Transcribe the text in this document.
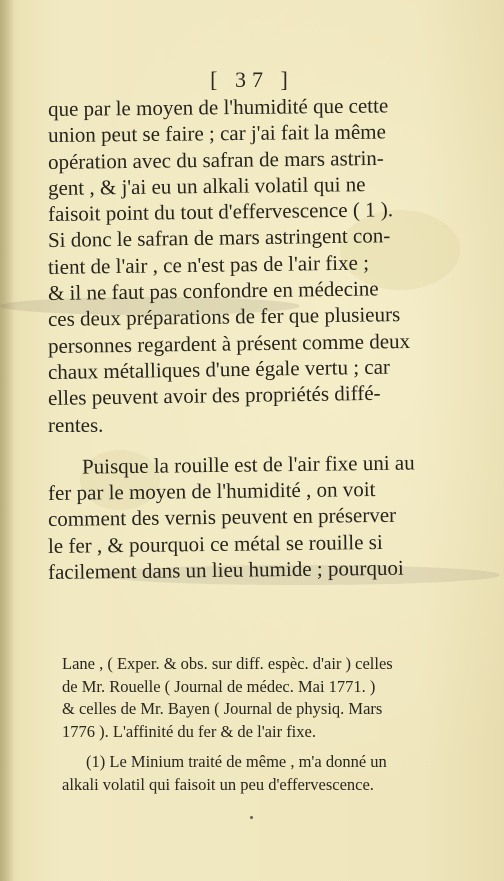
[ 37 ]
que par le moyen de l'humidité que cette
union peut se faire ; car j'ai fait la même
opération avec du safran de mars astrin-
gent , & j'ai eu un alkali volatil qui ne
faisoit point du tout d'effervescence ( 1 ).
Si donc le safran de mars astringent con-
tient de l'air , ce n'est pas de l'air fixe ;
& il ne faut pas confondre en médecine
ces deux préparations de fer que plusieurs
personnes regardent à présent comme deux
chaux métalliques d'une égale vertu ; car
elles peuvent avoir des propriétés diffé-
rentes.
Puisque la rouille est de l'air fixe uni au
fer par le moyen de l'humidité , on voit
comment des vernis peuvent en préserver
le fer , & pourquoi ce métal se rouille si
facilement dans un lieu humide ; pourquoi
Lane , ( Exper. & obs. sur diff. espèc. d'air ) celles
de Mr. Rouelle ( Journal de médec. Mai 1771. )
& celles de Mr. Bayen ( Journal de physiq. Mars
1776 ). L'affinité du fer & de l'air fixe.
(1) Le Minium traité de même , m'a donné un
alkali volatil qui faisoit un peu d'effervescence.
